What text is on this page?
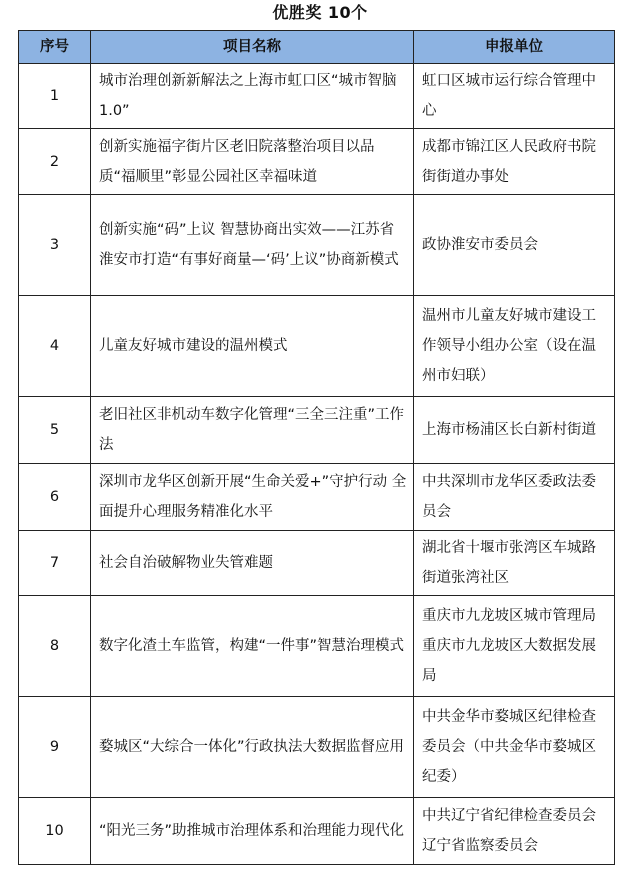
优胜奖 10个
序号	项目名称	申报单位
1	城市治理创新新解法之上海市虹口区“城市智脑 1.0”	虹口区城市运行综合管理中心
2	创新实施福字街片区老旧院落整治项目以品质“福顺里”彰显公园社区幸福味道	成都市锦江区人民政府书院街街道办事处
3	创新实施“码”上议 智慧协商出实效——江苏省淮安市打造“有事好商量—‘码’上议”协商新模式	政协淮安市委员会
4	儿童友好城市建设的温州模式	温州市儿童友好城市建设工作领导小组办公室（设在温州市妇联）
5	老旧社区非机动车数字化管理“三全三注重”工作法	上海市杨浦区长白新村街道
6	深圳市龙华区创新开展“生命关爱+”守护行动 全面提升心理服务精准化水平	中共深圳市龙华区委政法委员会
7	社会自治破解物业失管难题	湖北省十堰市张湾区车城路街道张湾社区
8	数字化渣土车监管，构建“一件事”智慧治理模式	重庆市九龙坡区城市管理局　重庆市九龙坡区大数据发展局
9	婺城区“大综合一体化”行政执法大数据监督应用	中共金华市婺城区纪律检查委员会（中共金华市婺城区纪委）
10	“阳光三务”助推城市治理体系和治理能力现代化	中共辽宁省纪律检查委员会 辽宁省监察委员会
